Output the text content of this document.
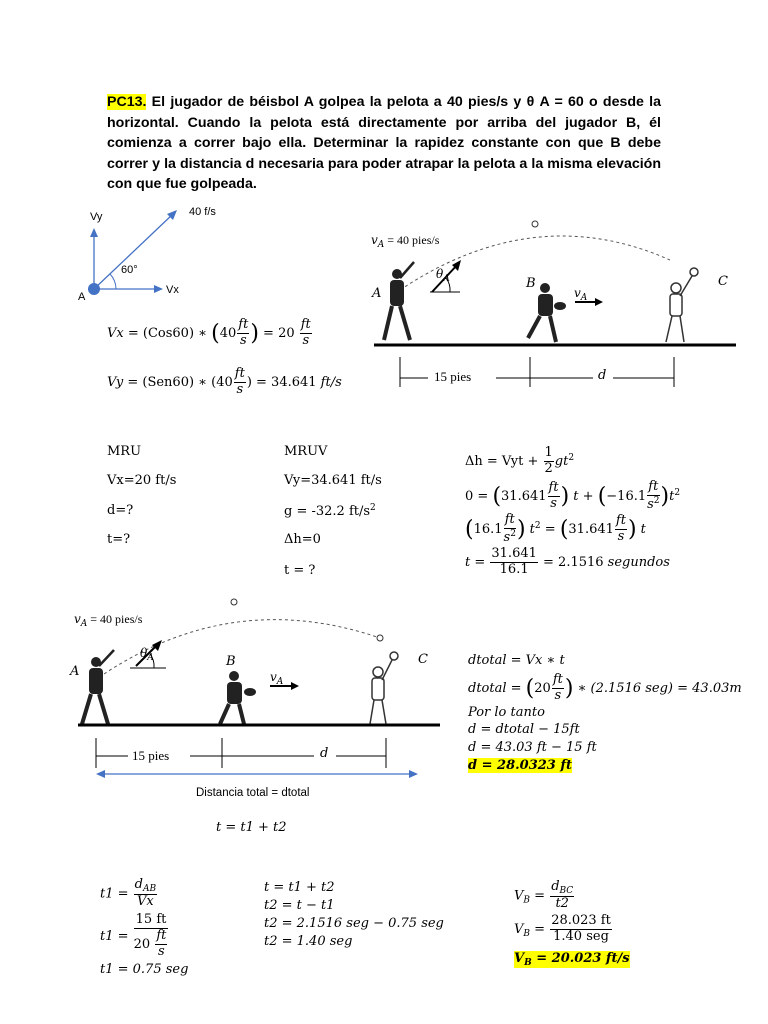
PC13. El jugador de béisbol A golpea la pelota a 40 pies/s y θ A = 60 o desde la horizontal. Cuando la pelota está directamente por arriba del jugador B, él comienza a correr bajo ella. Determinar la rapidez constante con que B debe correr y la distancia d necesaria para poder atrapar la pelota a la misma elevación con que fue golpeada.
Vy
Vx
40 f/s
60°
A
$v_A = 40$ pies/s
$\theta_A$
A
B	C
$v_A$
15 pies	d
Vx = (Cos60) ∗ ($40 \frac{ft}{s}$ ) = $20 \frac{ft}{s}$
Vy = (Sen60) ∗ ($40 \frac{ft}{s}$ ) = 34.641 ft/s
MRU
Vx=20 ft/s
d=?
t=?
MRUV
Vy=34.641 ft/s
g = -32.2 $ft/s^2$
Δh=0
t = ?
Δh = Vyt + $\frac{1}{2} gt^2$
$0 = (31.641 \frac{ft}{s}$ ) $t + (-16.1 \frac{ft}{s^2} )t^2$
($16.1 \frac{ft}{s^2}$ ) $t^2 = (31.641 \frac{ft}{s}$ ) t
$t = \frac{31.641}{16.1} = 2.1516$ segundos
$v_A = 40$ pies/s
$\theta_A$
A
B	C
$v_A$
15 pies	d
Distancia total = dtotal
dtotal = Vx ∗ t
dtotal = ($20 \frac{ft}{s}$ ) ∗ (2.1516 seg) = 43.03m
Por lo tanto
d = dtotal − 15ft
d = 43.03 ft − 15 ft
d = 28.0323 ft
t = t1 + t2
$t1 = \frac{d_{AB}}{Vx}$
$t1 = \frac{15 ft}{20 \frac{ft}{s}}$
t1 = 0.75 seg
t = t1 + t2
t2 = t − t1
t2 = 2.1516 seg − 0.75 seg
t2 = 1.40 seg
$V_B = \frac{d_{BC}}{t2}$
$V_B = \frac{28.023 ft}{\text{1.40 seg}}$
$V_B = 20.023$ ft/s
